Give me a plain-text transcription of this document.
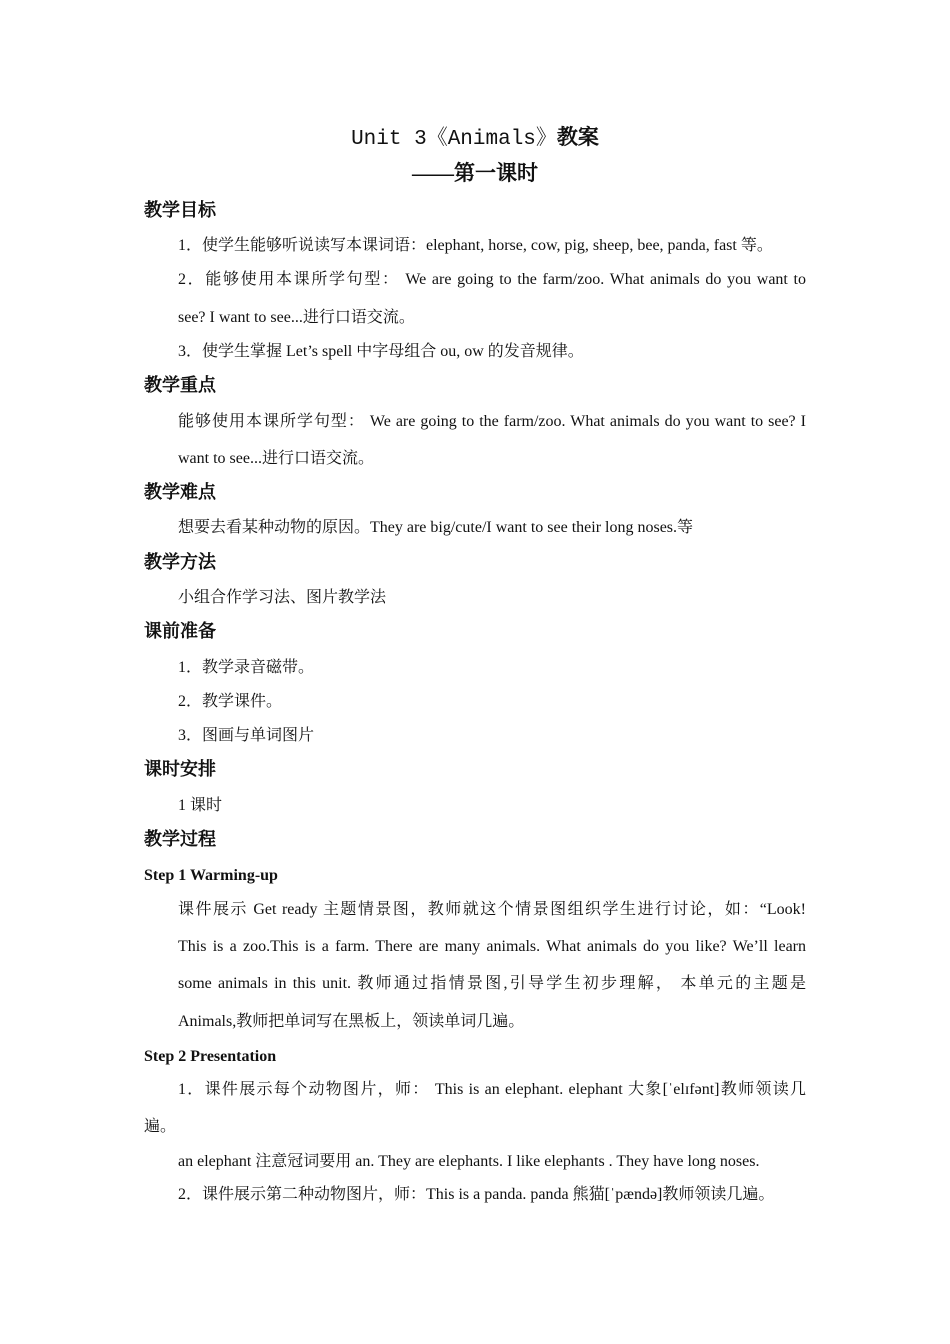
Unit 3《Animals》教案
——第一课时
教学目标
1．使学生能够听说读写本课词语：elephant, horse, cow, pig, sheep, bee, panda, fast 等。
2．能够使用本课所学句型： We are going to the farm/zoo. What animals do you want to
see? I want to see...进行口语交流。
3．使学生掌握 Let’s spell 中字母组合 ou, ow 的发音规律。
教学重点
能够使用本课所学句型： We are going to the farm/zoo. What animals do you want to see? I
want to see...进行口语交流。
教学难点
想要去看某种动物的原因。They are big/cute/I want to see their long noses.等
教学方法
小组合作学习法、图片教学法
课前准备
1．教学录音磁带。
2．教学课件。
3．图画与单词图片
课时安排
1 课时
教学过程
Step 1 Warming-up
课件展示 Get ready 主题情景图，教师就这个情景图组织学生进行讨论，如：“Look!
This is a zoo.This is a farm. There are many animals. What animals do you like? We’ll learn
some animals in this unit. 教师通过指情景图,引导学生初步理解， 本单元的主题是
Animals,教师把单词写在黑板上，领读单词几遍。
Step 2 Presentation
1．课件展示每个动物图片，师： This is an elephant. elephant 大象[ˈelɪfənt]教师领读几
遍。
an elephant 注意冠词要用 an. They are elephants. I like elephants . They have long noses.
2．课件展示第二种动物图片，师：This is a panda. panda 熊猫[ˈpændə]教师领读几遍。
